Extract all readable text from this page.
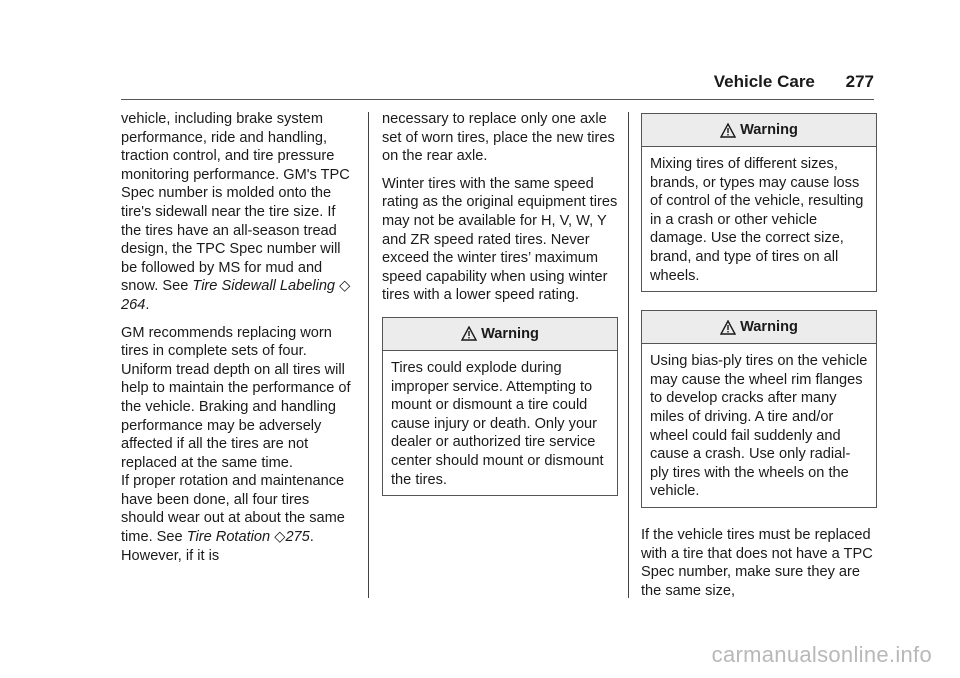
Vehicle Care 277

vehicle, including brake system performance, ride and handling, traction control, and tire pressure monitoring performance. GM's TPC Spec number is molded onto the tire's sidewall near the tire size. If the tires have an all-season tread design, the TPC Spec number will be followed by MS for mud and snow. See Tire Sidewall Labeling ◇ 264.

GM recommends replacing worn tires in complete sets of four. Uniform tread depth on all tires will help to maintain the performance of the vehicle. Braking and handling performance may be adversely affected if all the tires are not replaced at the same time.

If proper rotation and maintenance have been done, all four tires should wear out at about the same time. See Tire Rotation ◇275. However, if it is

necessary to replace only one axle set of worn tires, place the new tires on the rear axle.

Winter tires with the same speed rating as the original equipment tires may not be available for H, V, W, Y and ZR speed rated tires. Never exceed the winter tires’ maximum speed capability when using winter tires with a lower speed rating.

Warning
Tires could explode during improper service. Attempting to mount or dismount a tire could cause injury or death. Only your dealer or authorized tire service center should mount or dismount the tires.
Warning
Mixing tires of different sizes, brands, or types may cause loss of control of the vehicle, resulting in a crash or other vehicle damage. Use the correct size, brand, and type of tires on all wheels.
Warning
Using bias-ply tires on the vehicle may cause the wheel rim flanges to develop cracks after many miles of driving. A tire and/or wheel could fail suddenly and cause a crash. Use only radial-ply tires with the wheels on the vehicle.

If the vehicle tires must be replaced with a tire that does not have a TPC Spec number, make sure they are the same size,

carmanualsonline.info
